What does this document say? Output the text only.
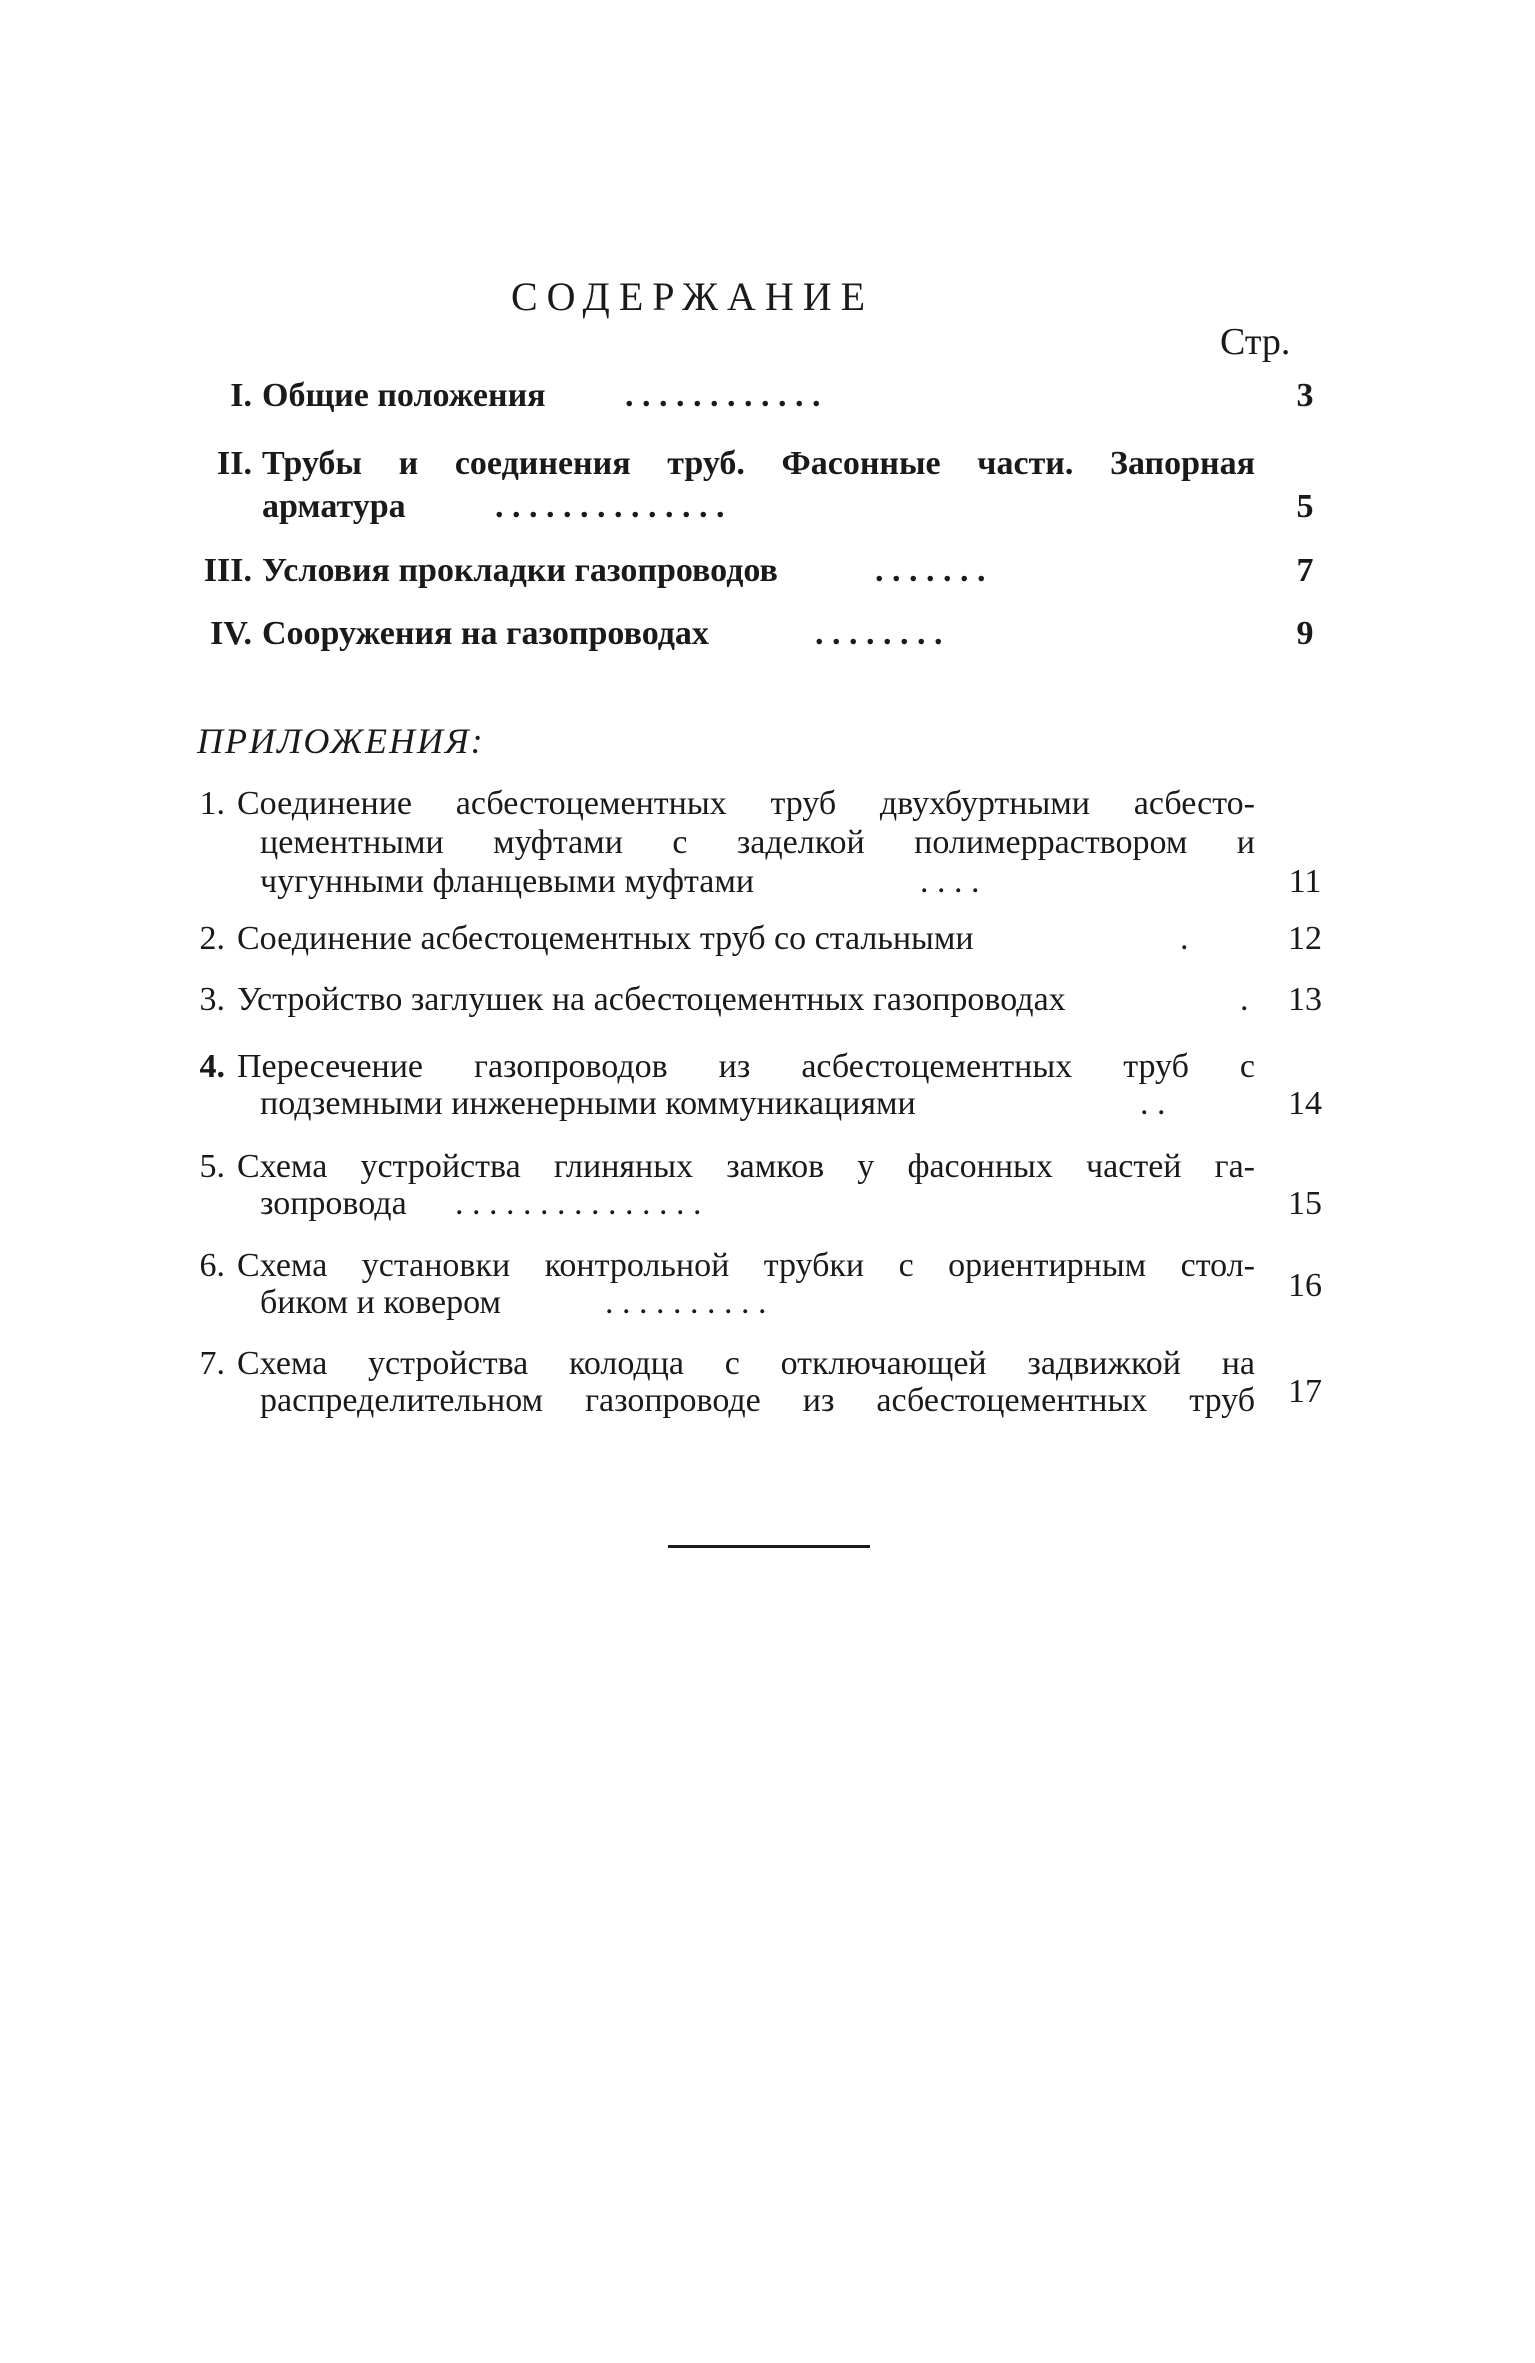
СОДЕРЖАНИЕ
Стр.
I. Общие положения . . . . . . . . . . . .	3
II. Трубы и соединения труб. Фасонные части. Запорная
арматура	. . . . . . . . . . . . . .	5
III. Условия прокладки газопроводов	. . . . . . .	7
IV. Сооружения на газопроводах	. . . . . . . .	9
ПРИЛОЖЕНИЯ:
1. Соединение асбестоцементных труб двухбуртными асбесто-
цементными муфтами с заделкой полимерраствором и
чугунными фланцевыми муфтами	. . . .	11
2. Соединение асбестоцементных труб со стальными	.	12
3. Устройство заглушек на асбестоцементных газопроводах	. 13
4. Пересечение газопроводов из асбестоцементных труб с
подземными инженерными коммуникациями	. .	14
5. Схема устройства глиняных замков у фасонных частей га-
зопровода . . . . . . . . . . . . . . .	15
6. Схема установки контрольной трубки с ориентирным стол-
биком и ковером	. . . . . . . . . .	16
7. Схема устройства колодца с отключающей задвижкой на
распределительном газопроводе из асбестоцементных труб 17
